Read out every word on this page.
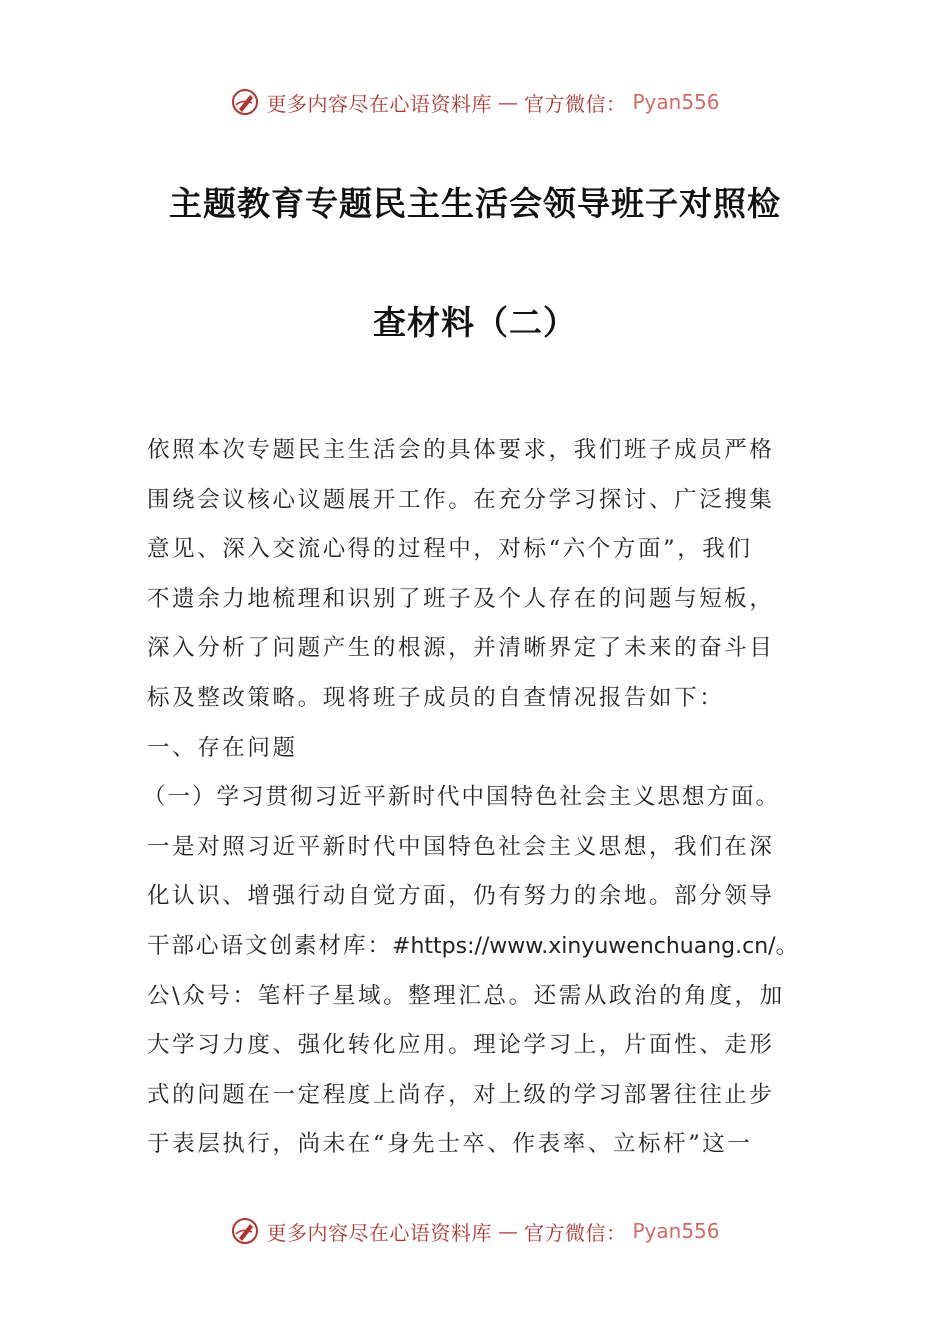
更多内容尽在心语资料库 — 官方微信： Pyan556
主题教育专题民主生活会领导班子对照检
查材料（二）
依照本次专题民主生活会的具体要求，我们班子成员严格
围绕会议核心议题展开工作。在充分学习探讨、广泛搜集
意见、深入交流心得的过程中，对标“六个方面”，我们
不遗余力地梳理和识别了班子及个人存在的问题与短板，
深入分析了问题产生的根源，并清晰界定了未来的奋斗目
标及整改策略。现将班子成员的自查情况报告如下：
一、存在问题
（一）学习贯彻习近平新时代中国特色社会主义思想方面。
一是对照习近平新时代中国特色社会主义思想，我们在深
化认识、增强行动自觉方面，仍有努力的余地。部分领导
干部心语文创素材库：#https://www.xinyuwenchuang.cn/。
公\众号：笔杆子星域。整理汇总。还需从政治的角度，加
大学习力度、强化转化应用。理论学习上，片面性、走形
式的问题在一定程度上尚存，对上级的学习部署往往止步
于表层执行，尚未在“身先士卒、作表率、立标杆”这一
更多内容尽在心语资料库 — 官方微信： Pyan556
